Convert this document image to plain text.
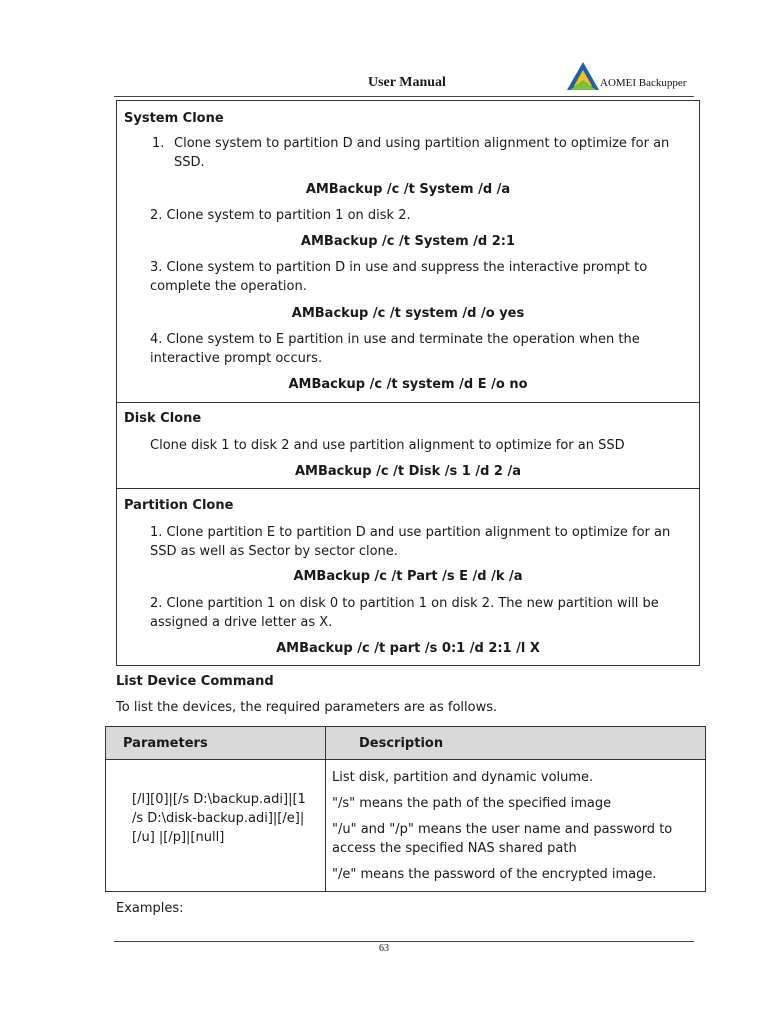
User Manual	AOMEI Backupper
System Clone
1. Clone system to partition D and using partition alignment to optimize for an
SSD.
AMBackup /c /t System /d /a
2. Clone system to partition 1 on disk 2.
AMBackup /c /t System /d 2:1
3. Clone system to partition D in use and suppress the interactive prompt to
complete the operation.
AMBackup /c /t system /d /o yes
4. Clone system to E partition in use and terminate the operation when the
interactive prompt occurs.
AMBackup /c /t system /d E /o no
Disk Clone
Clone disk 1 to disk 2 and use partition alignment to optimize for an SSD
AMBackup /c /t Disk /s 1 /d 2 /a
Partition Clone
1. Clone partition E to partition D and use partition alignment to optimize for an
SSD as well as Sector by sector clone.
AMBackup /c /t Part /s E /d /k /a
2. Clone partition 1 on disk 0 to partition 1 on disk 2. The new partition will be
assigned a drive letter as X.
AMBackup /c /t part /s 0:1 /d 2:1 /l X
List Device Command
To list the devices, the required parameters are as follows.
Parameters	Description
[/l][0]|[/s D:\backup.adi]|[1 /s D:\disk-backup.adi]|[/e]|[/u] |[/p]|[null]
List disk, partition and dynamic volume.
"/s" means the path of the specified image
"/u" and "/p" means the user name and password to
access the specified NAS shared path
"/e" means the password of the encrypted image.
Examples:
63
